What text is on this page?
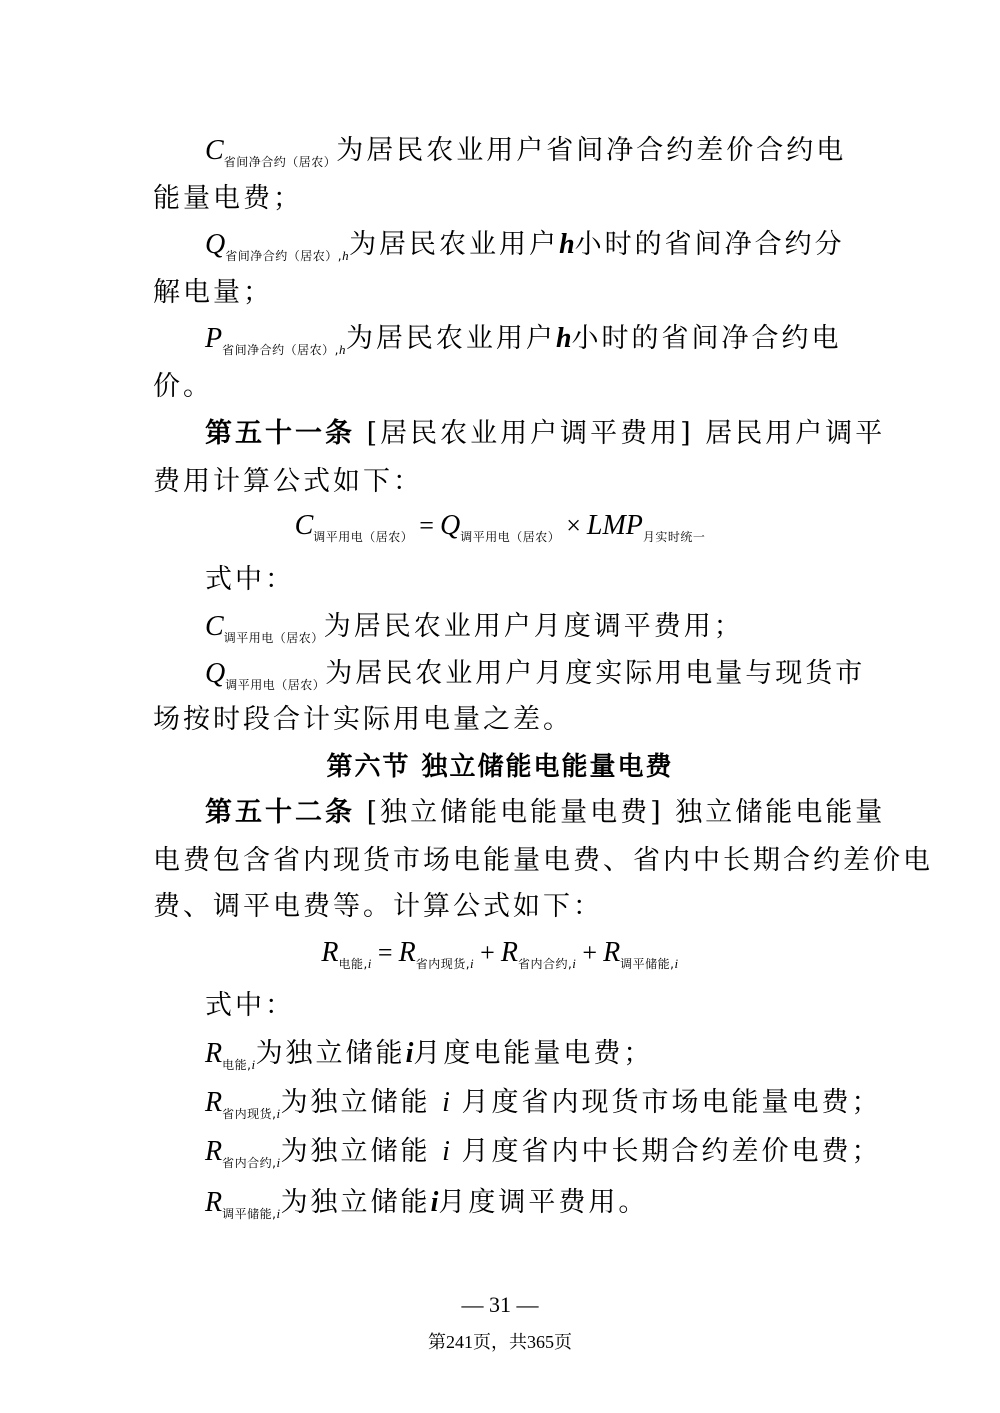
$C_{省间净合约(居农)}$为居民农业用户省间净合约差价合约电
能量电费；
$Q_{省间净合约(居农),h}$为居民农业用户h小时的省间净合约分
解电量；
$P_{省间净合约(居农),h}$为居民农业用户h小时的省间净合约电
价。
第五十一条 [居民农业用户调平费用] 居民用户调平
费用计算公式如下：
$C_{调平用电(居农)} = Q_{调平用电(居农)} \times LMP_{月实时统一}$
式中：
$C_{调平用电(居农)}$为居民农业用户月度调平费用；
$Q_{调平用电(居农)}$为居民农业用户月度实际用电量与现货市
场按时段合计实际用电量之差。
第六节 独立储能电能量电费
第五十二条 [独立储能电能量电费] 独立储能电能量
电费包含省内现货市场电能量电费、省内中长期合约差价电
费、调平电费等。计算公式如下：
$R_{电能,i} = R_{省内现货,i} + R_{省内合约,i} + R_{调平储能,i}$
式中：
$R_{电能,i}$为独立储能i月度电能量电费；
$R_{省内现货,i}$为独立储能 i 月度省内现货市场电能量电费；
$R_{省内合约,i}$为独立储能 i 月度省内中长期合约差价电费；
$R_{调平储能,i}$为独立储能i月度调平费用。
— 31 —
第241页，共365页
